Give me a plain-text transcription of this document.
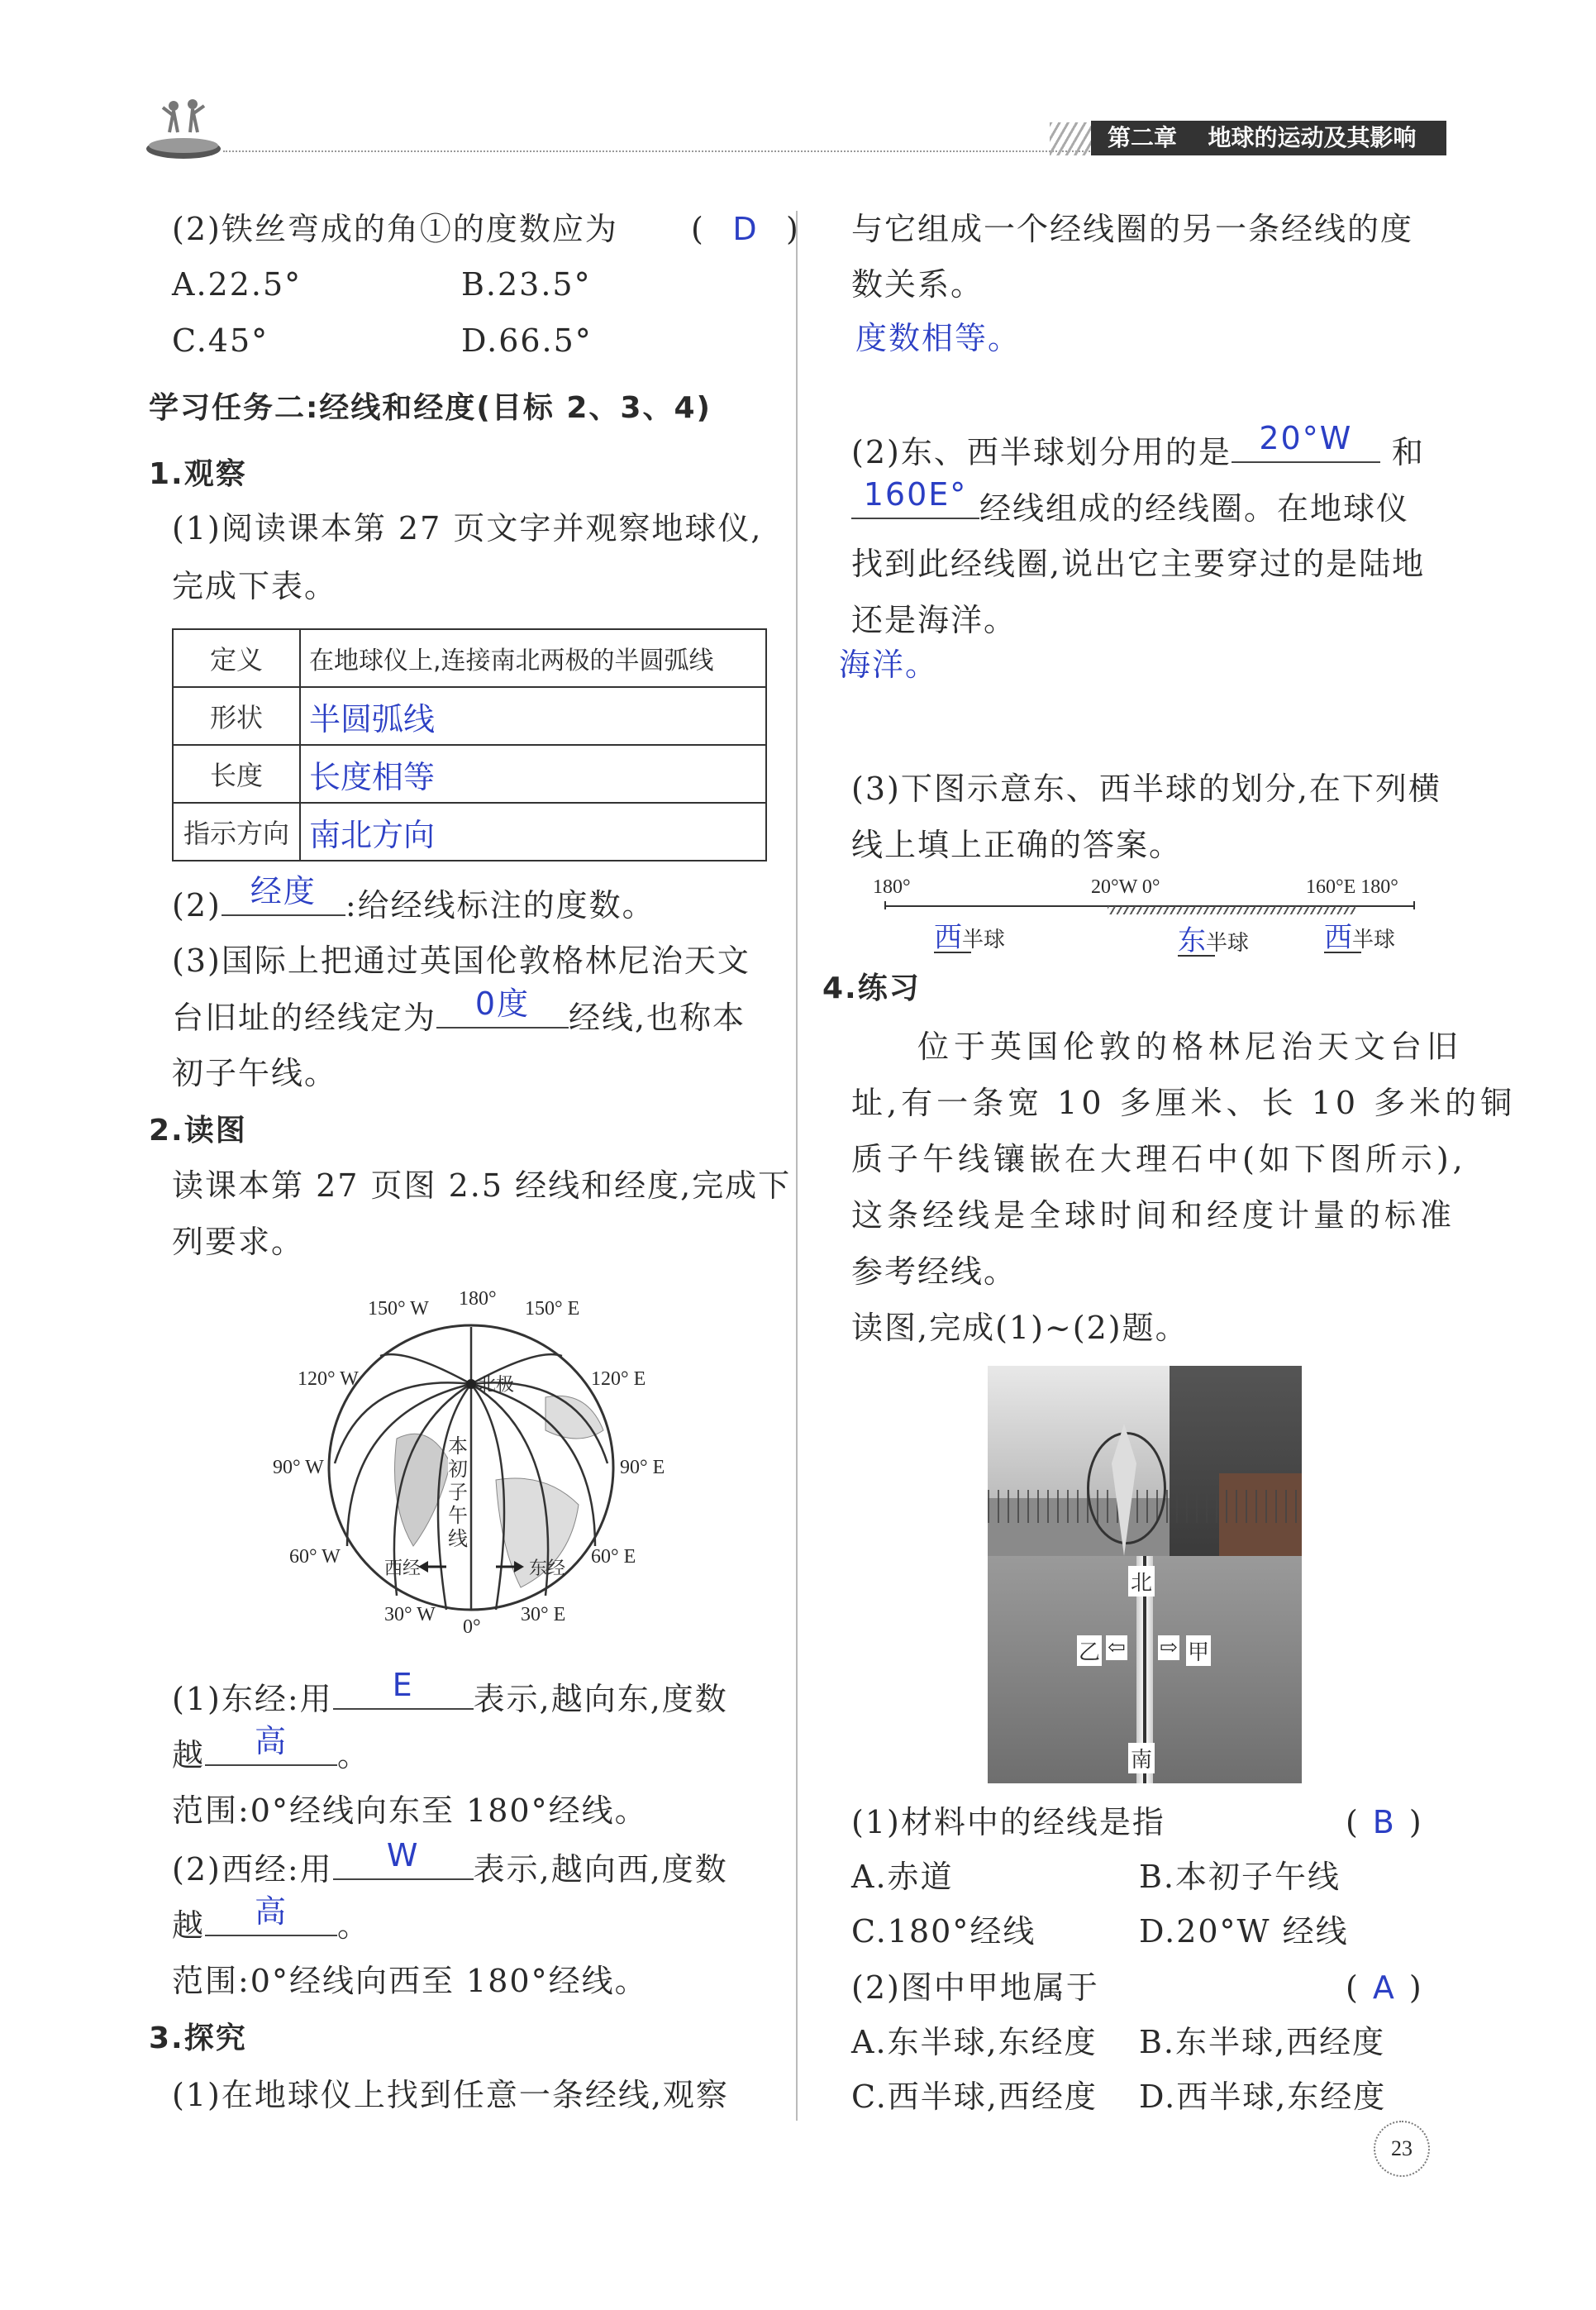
第二章 地球的运动及其影响
(2)铁丝弯成的角①的度数应为 ( D )
A.22.5°	B.23.5°
C.45°	D.66.5°
学习任务二:经线和经度(目标 2、3、4)
1.观察
(1)阅读课本第 27 页文字并观察地球仪,
完成下表。
定义	在地球仪上,连接南北两极的半圆弧线
形状	半圆弧线
长度	长度相等
指示方向	南北方向
(2) 经度 :给经线标注的度数。
(3)国际上把通过英国伦敦格林尼治天文
台旧址的经线定为	0度	经线,也称本
初子午线。
2.读图
读课本第 27 页图 2.5 经线和经度,完成下
列要求。
150° W 180° 150° E
120° W	120° E
90° W	90° E
60° W	60° E
30° W
0°
30° E
北极
本初子午线
西经	东经
(1)东经:用	E	表示,越向东,度数
越	高	。
范围:0°经线向东至 180°经线。
(2)西经:用	W	表示,越向西,度数
越	高	。
范围:0°经线向西至 180°经线。
3.探究
(1)在地球仪上找到任意一条经线,观察
与它组成一个经线圈的另一条经线的度
数关系。
度数相等。
(2)东、西半球划分用的是 20°W	和
160E° 经线组成的经线圈。在地球仪
找到此经线圈,说出它主要穿过的是陆地
还是海洋。
海洋。
(3)下图示意东、西半球的划分,在下列横
线上填上正确的答案。
180°	20°W 0°	160°E 180°
西半球	东半球	西半球
4.练习
位于英国伦敦的格林尼治天文台旧
址,有一条宽 10 多厘米、长 10 多米的铜
质子午线镶嵌在大理石中(如下图所示),
这条经线是全球时间和经度计量的标准
参考经线。
读图,完成(1)~(2)题。
北
南
乙 ⇦ ⇨ 甲
(1)材料中的经线是指	( B )
A.赤道	B.本初子午线
C.180°经线	D.20°W 经线
(2)图中甲地属于	( A )
A.东半球,东经度 B.东半球,西经度
C.西半球,西经度 D.西半球,东经度
23
